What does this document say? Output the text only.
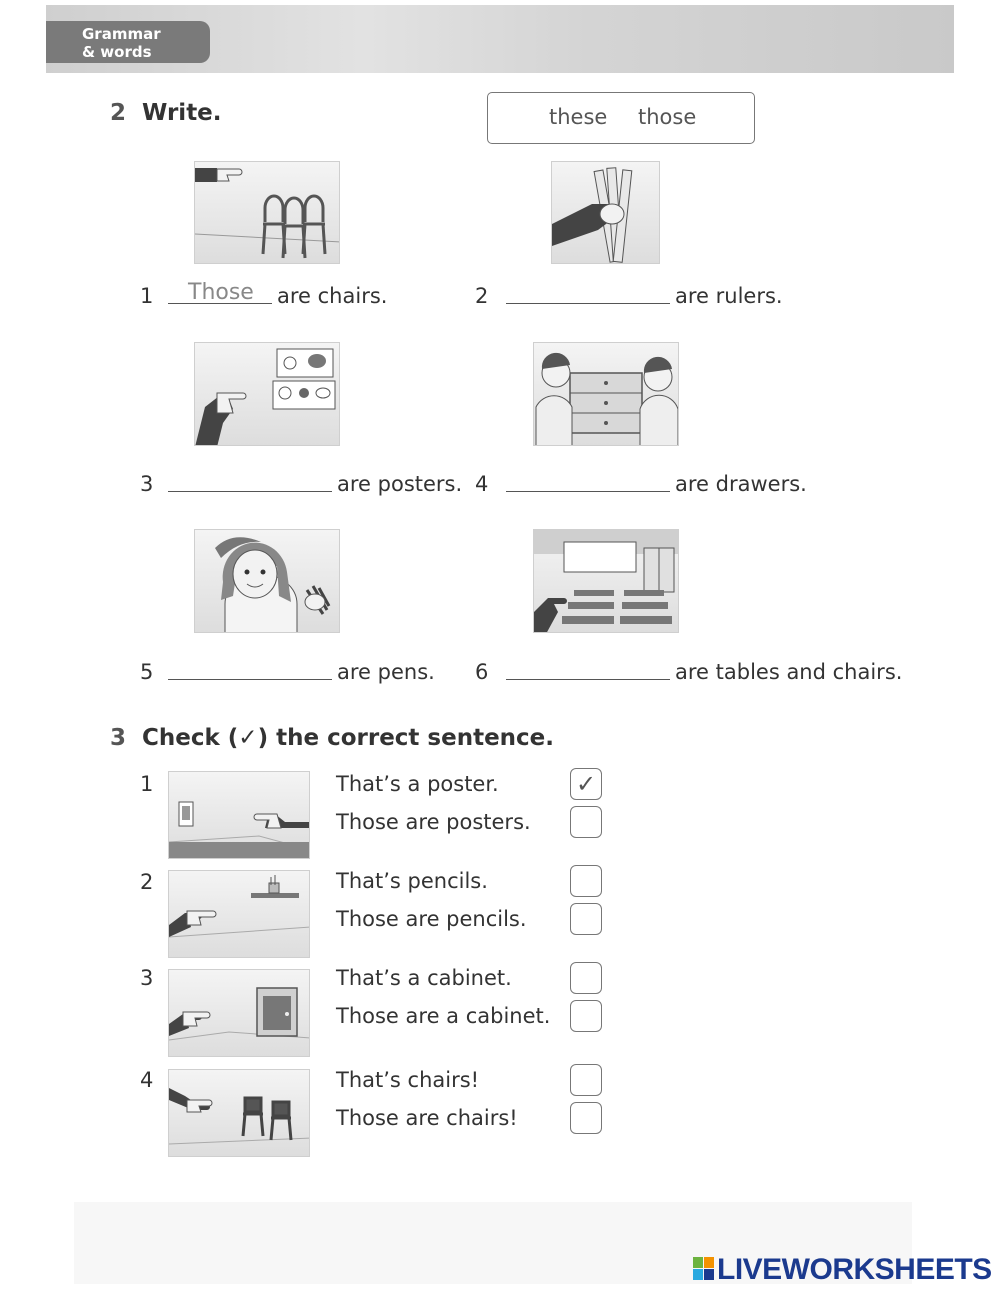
Grammar
& words
2 Write.	these those
1 Those are chairs.	2	are rulers.
3	are posters. 4	are drawers.
5	are pens. 6	are tables and chairs.
3 Check (✓) the correct sentence.
1	That’s a poster.	✓
Those are posters.
2	That’s pencils.
Those are pencils.
3	That’s a cabinet.
Those are a cabinet.
4	That’s chairs!
Those are chairs!
LIVEWORKSHEETS
